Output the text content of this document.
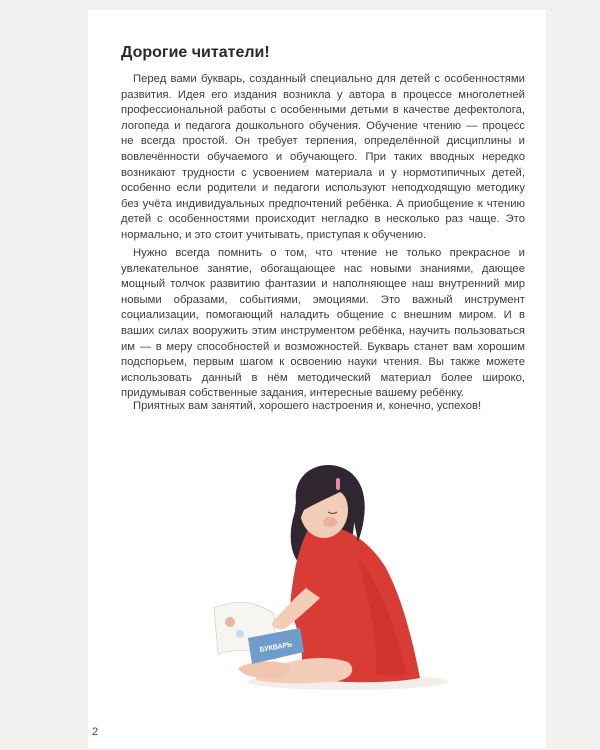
Дорогие читатели!

Перед вами букварь, созданный специально для детей с особенностями развития. Идея его издания возникла у автора в процессе многолетней профессиональной работы с особенными детьми в качестве дефектолога, логопеда и педагога дошкольного обучения. Обучение чтению — процесс не всегда простой. Он требует терпения, определённой дисциплины и вовлечённости обучаемого и обучающего. При таких вводных нередко возникают трудности с усвоением материала и у нормотипичных детей, особенно если родители и педагоги используют неподходящую методику без учёта индивидуальных предпочтений ребёнка. А приобщение к чтению детей с особенностями происходит негладко в несколько раз чаще. Это нормально, и это стоит учитывать, приступая к обучению.

Нужно всегда помнить о том, что чтение не только прекрасное и увлекательное занятие, обогащающее нас новыми знаниями, дающее мощный толчок развитию фантазии и наполняющее наш внутренний мир новыми образами, событиями, эмоциями. Это важный инструмент социализации, помогающий наладить общение с внешним миром. И в ваших силах вооружить этим инструментом ребёнка, научить пользоваться им — в меру способностей и возможностей. Букварь станет вам хорошим подспорьем, первым шагом к освоению науки чтения. Вы также можете использовать данный в нём методический материал более широко, придумывая собственные задания, интересные вашему ребёнку.

Приятных вам занятий, хорошего настроения и, конечно, успехов!

БУКВАРЬ
2
